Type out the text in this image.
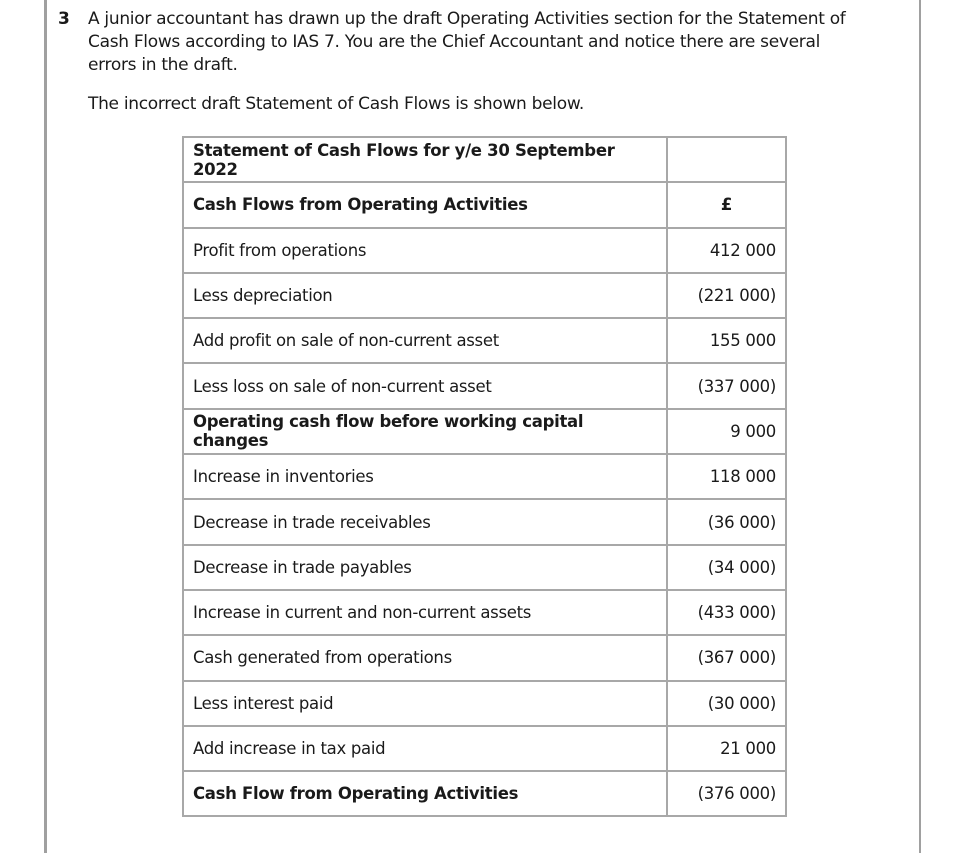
3 A junior accountant has drawn up the draft Operating Activities section for the Statement of Cash Flows according to IAS 7. You are the Chief Accountant and notice there are several errors in the draft.
The incorrect draft Statement of Cash Flows is shown below.
Statement of Cash Flows for y/e 30 September 2022	
Cash Flows from Operating Activities	£
Profit from operations	412 000
Less depreciation	(221 000)
Add profit on sale of non-current asset	155 000
Less loss on sale of non-current asset	(337 000)
Operating cash flow before working capital changes	9 000
Increase in inventories	118 000
Decrease in trade receivables	(36 000)
Decrease in trade payables	(34 000)
Increase in current and non-current assets	(433 000)
Cash generated from operations	(367 000)
Less interest paid	(30 000)
Add increase in tax paid	21 000
Cash Flow from Operating Activities	(376 000)
